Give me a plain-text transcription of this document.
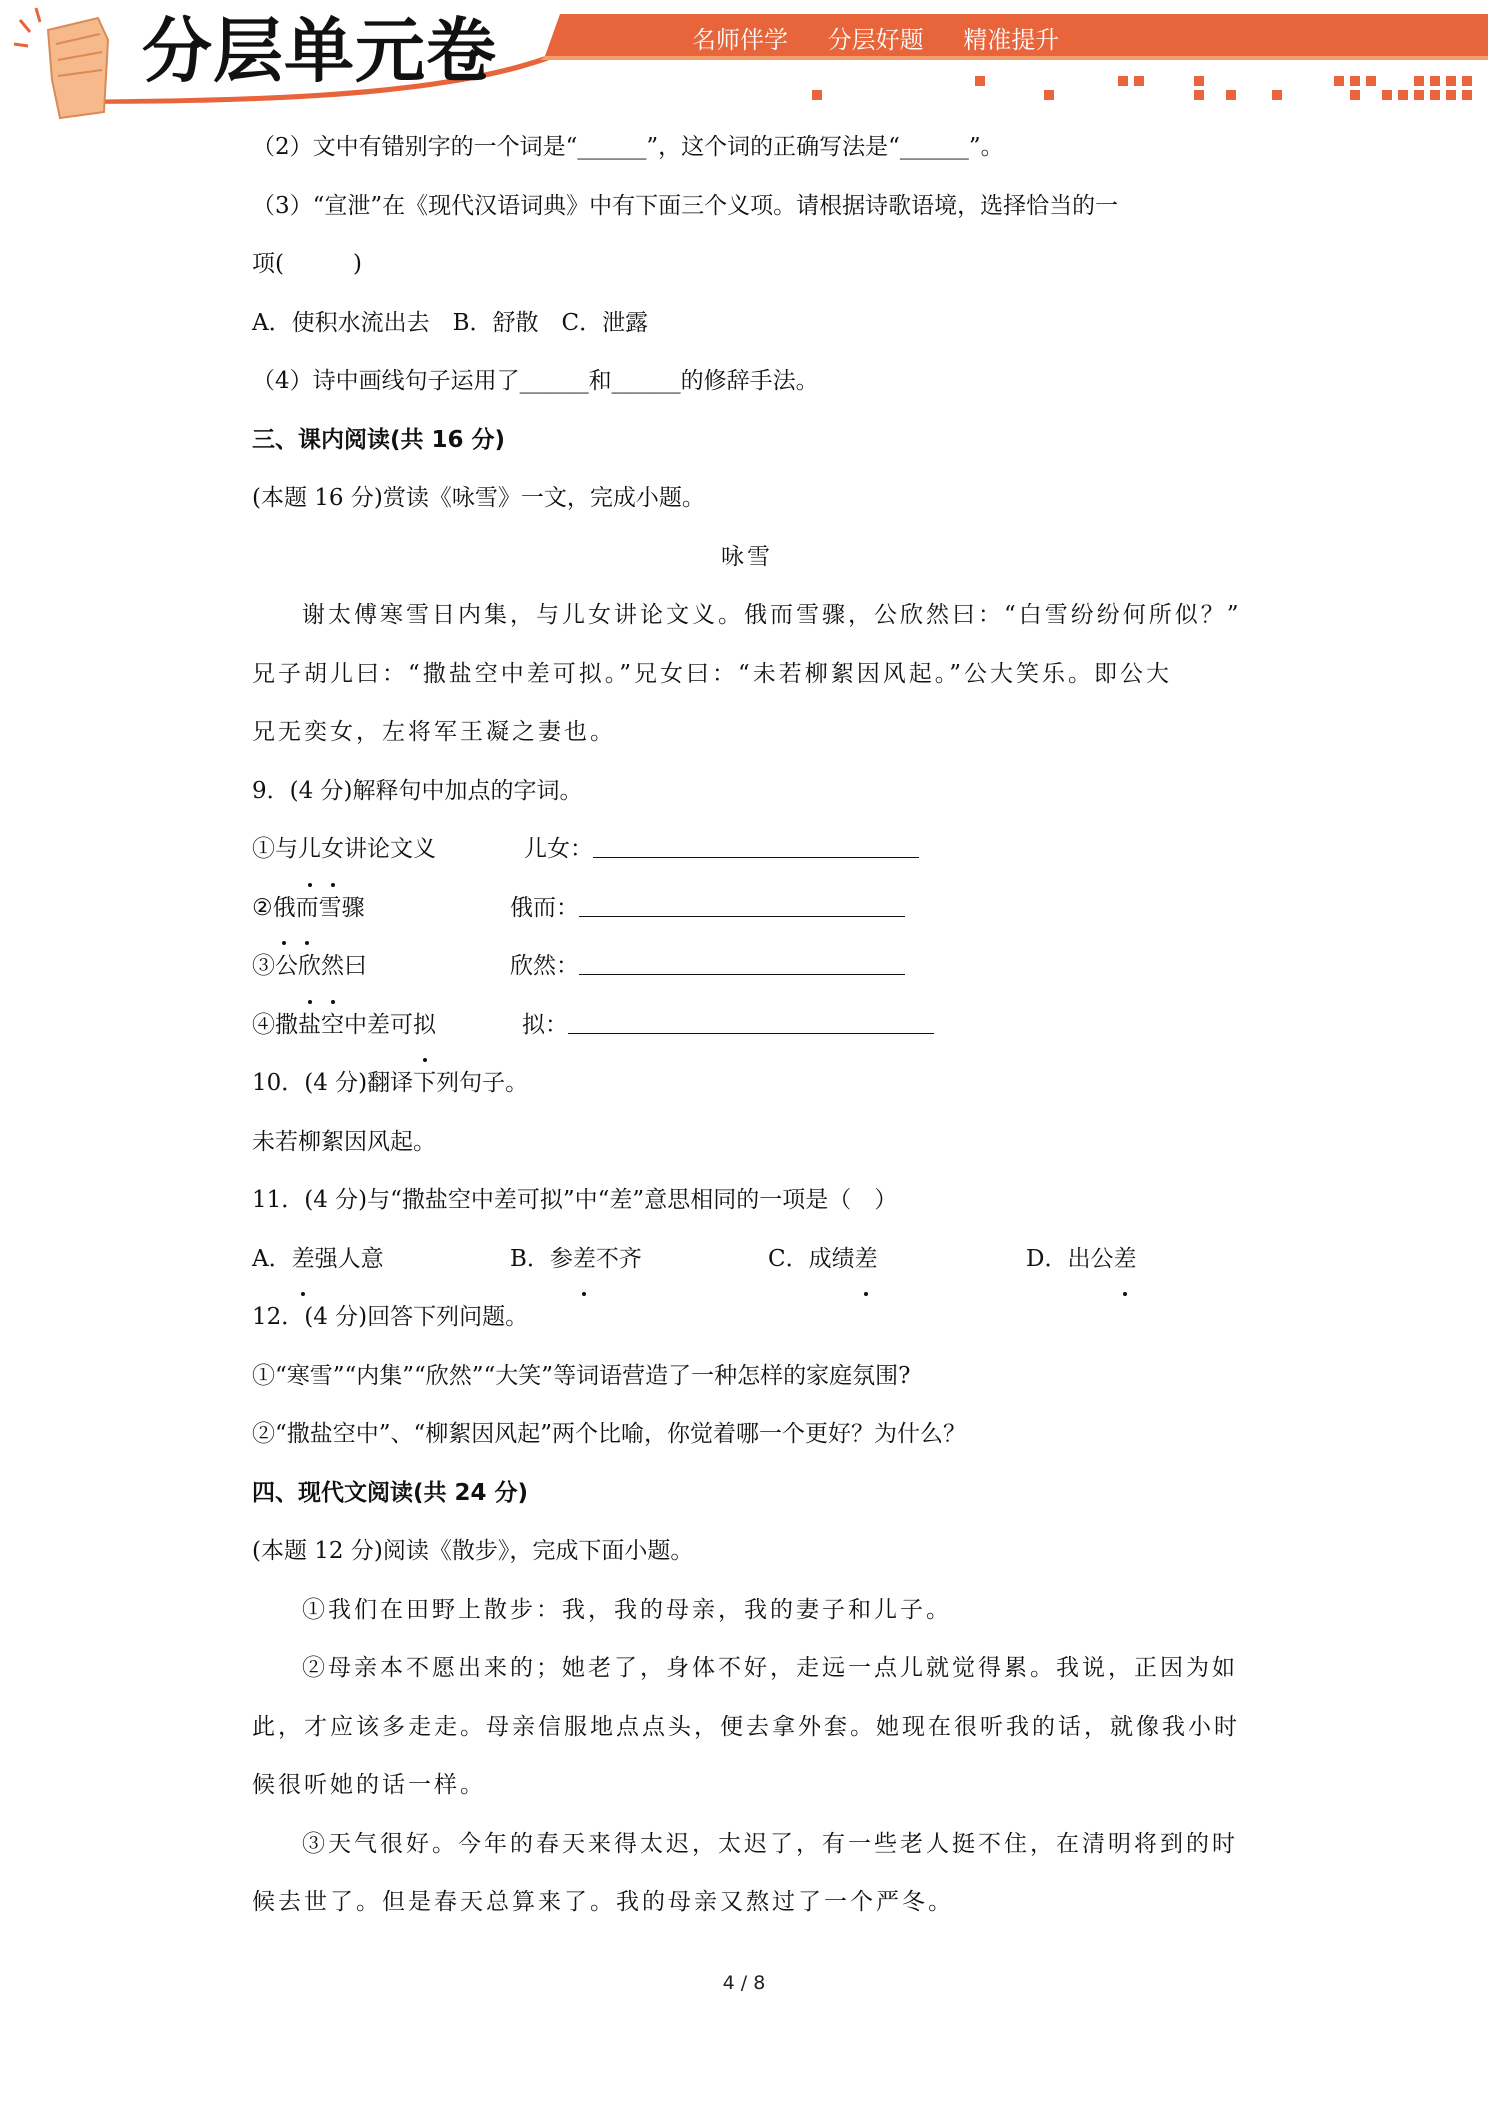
分层单元卷	名师伴学 分层好题 精准提升
（2）文中有错别字的一个词是“______”，这个词的正确写法是“______”。
（3）“宣泄”在《现代汉语词典》中有下面三个义项。请根据诗歌语境，选择恰当的一
项(　　　)
A．使积水流出去　B．舒散　C．泄露
（4）诗中画线句子运用了______和______的修辞手法。
三、课内阅读(共 16 分)
(本题 16 分)赏读《咏雪》一文，完成小题。
咏雪
谢太傅寒雪日内集，与儿女讲论文义。俄而雪骤，公欣然曰：“白雪纷纷何所似？”
兄子胡儿曰：“撒盐空中差可拟。”兄女曰：“未若柳絮因风起。”公大笑乐。即公大
兄无奕女，左将军王凝之妻也。
9．(4 分)解释句中加点的字词。
①与儿女讲论文义	儿女：
②俄而雪骤	俄而：
③公欣然曰	欣然：
④撒盐空中差可拟	拟：
10．(4 分)翻译下列句子。
未若柳絮因风起。
11．(4 分)与“撒盐空中差可拟”中“差”意思相同的一项是（　）
A．差强人意	B．参差不齐	C．成绩差	D．出公差
12．(4 分)回答下列问题。
①“寒雪”“内集”“欣然”“大笑”等词语营造了一种怎样的家庭氛围?
②“撒盐空中”、“柳絮因风起”两个比喻，你觉着哪一个更好？为什么？
四、现代文阅读(共 24 分)
(本题 12 分)阅读《散步》，完成下面小题。
①我们在田野上散步：我，我的母亲，我的妻子和儿子。
②母亲本不愿出来的；她老了，身体不好，走远一点儿就觉得累。我说，正因为如
此，才应该多走走。母亲信服地点点头，便去拿外套。她现在很听我的话，就像我小时
候很听她的话一样。
③天气很好。今年的春天来得太迟，太迟了，有一些老人挺不住，在清明将到的时
候去世了。但是春天总算来了。我的母亲又熬过了一个严冬。
4 / 8
